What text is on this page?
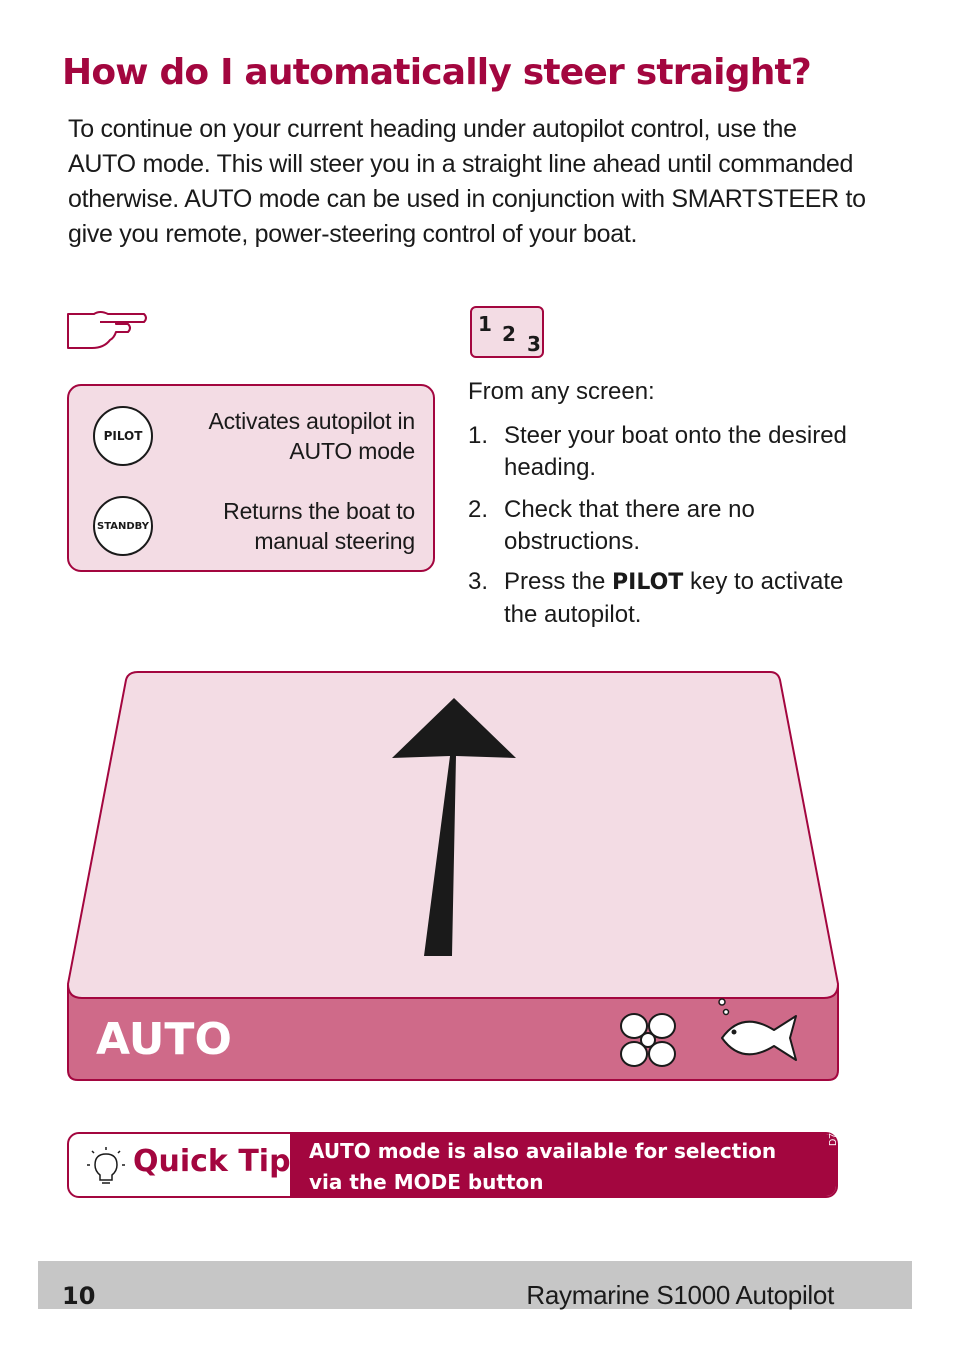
How do I automatically steer straight?

To continue on your current heading under autopilot control, use the AUTO mode. This will steer you in a straight line ahead until commanded otherwise. AUTO mode can be used in conjunction with SMARTSTEER to give you remote, power-steering control of your boat.

1 2 3
PILOT
Activates autopilot in AUTO mode
STANDBY
Returns the boat to manual steering
From any screen:
1. Steer your boat onto the desired heading.
2. Check that there are no obstructions.
3. Press the PILOT key to activate the autopilot.
AUTO
Quick Tip AUTO mode is also available for selection via the MODE button
D7645-1
10	Raymarine S1000 Autopilot
